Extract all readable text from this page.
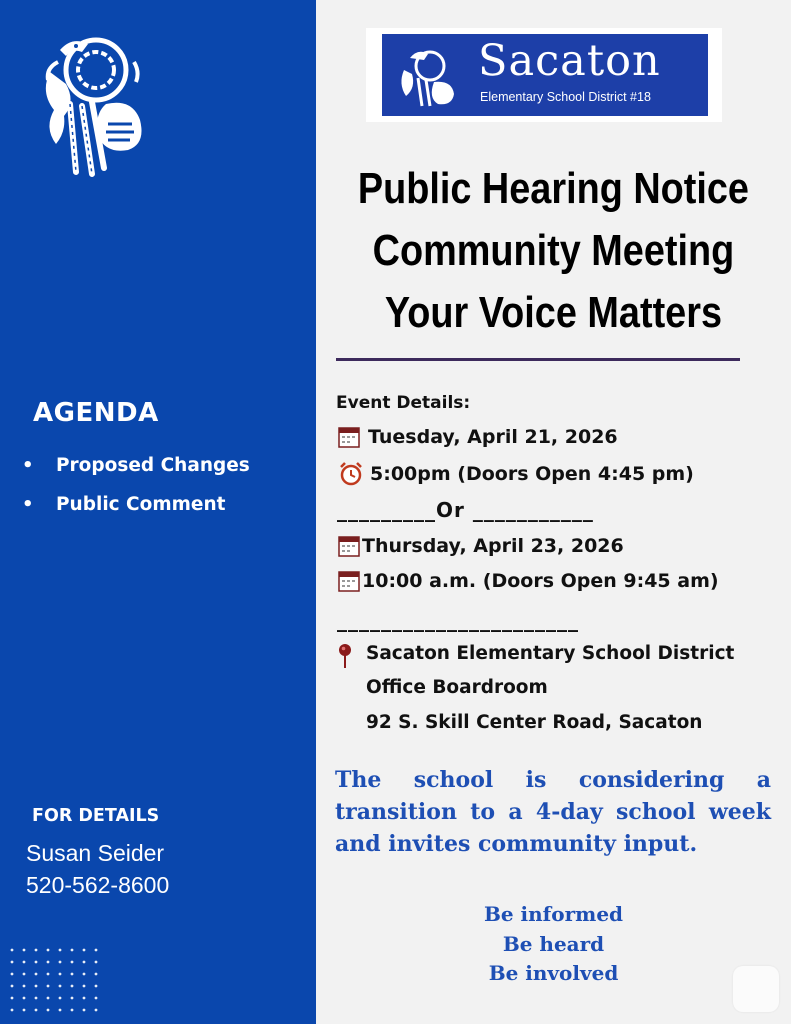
AGENDA
•	Proposed Changes
•	Public Comment
FOR DETAILS
Susan Seider
520-562-8600
Sacaton
Elementary School District #18
Public Hearing Notice
Community Meeting
Your Voice Matters
Event Details:
Tuesday, April 21, 2026
5:00pm (Doors Open 4:45 pm)
_________Or ___________
Thursday, April 23, 2026
10:00 a.m. (Doors Open 9:45 am)
______________________
Sacaton Elementary School District
Office Boardroom
92 S. Skill Center Road, Sacaton

The school is considering a transition to a 4-day school week and invites community input.

Be informed
Be heard
Be involved
